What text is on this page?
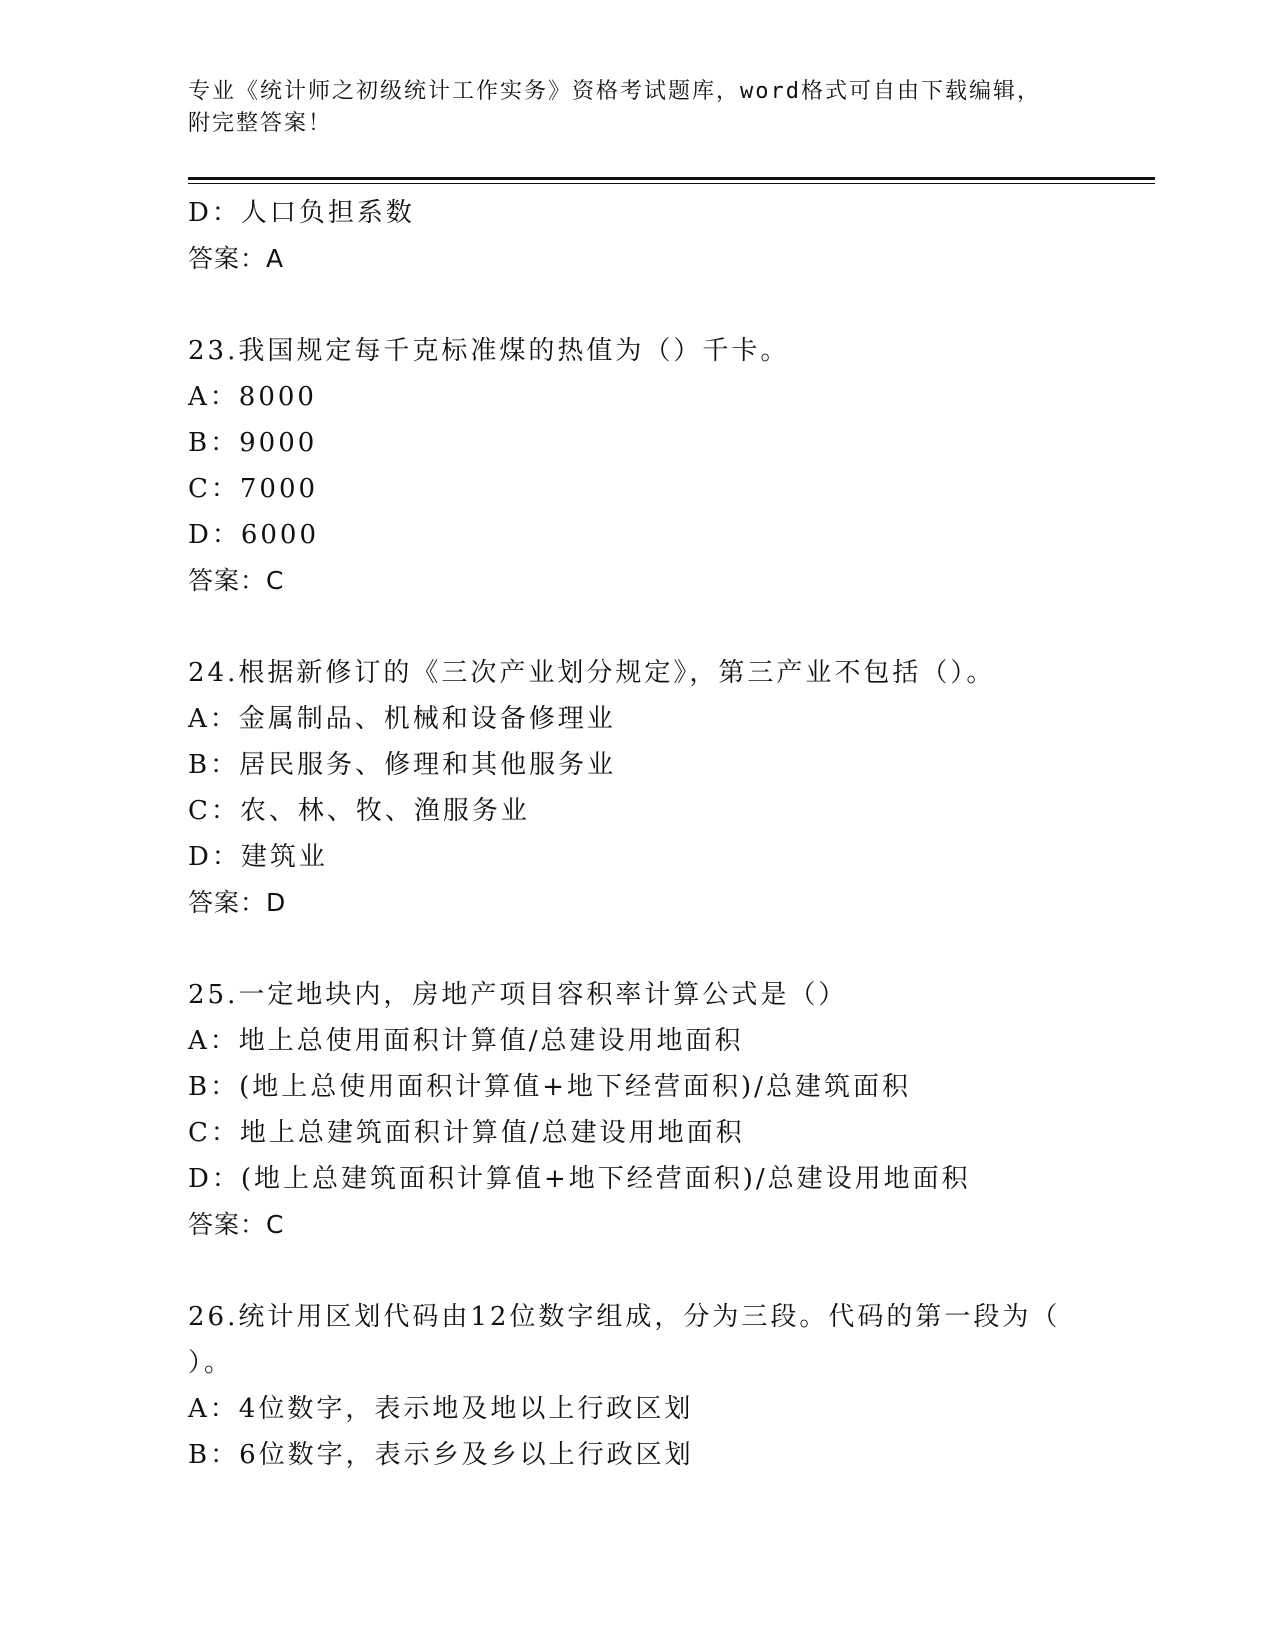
专业《统计师之初级统计工作实务》资格考试题库，word格式可自由下载编辑，
附完整答案！
D：人口负担系数
答案：A
23.我国规定每千克标准煤的热值为（）千卡。
A：8000
B：9000
C：7000
D：6000
答案：C
24.根据新修订的《三次产业划分规定》，第三产业不包括（）。
A：金属制品、机械和设备修理业
B：居民服务、修理和其他服务业
C：农、林、牧、渔服务业
D：建筑业
答案：D
25.一定地块内，房地产项目容积率计算公式是（）
A：地上总使用面积计算值/总建设用地面积
B：(地上总使用面积计算值+地下经营面积)/总建筑面积
C：地上总建筑面积计算值/总建设用地面积
D：(地上总建筑面积计算值+地下经营面积)/总建设用地面积
答案：C
26.统计用区划代码由12位数字组成，分为三段。代码的第一段为（
）。
A：4位数字，表示地及地以上行政区划
B：6位数字，表示乡及乡以上行政区划
